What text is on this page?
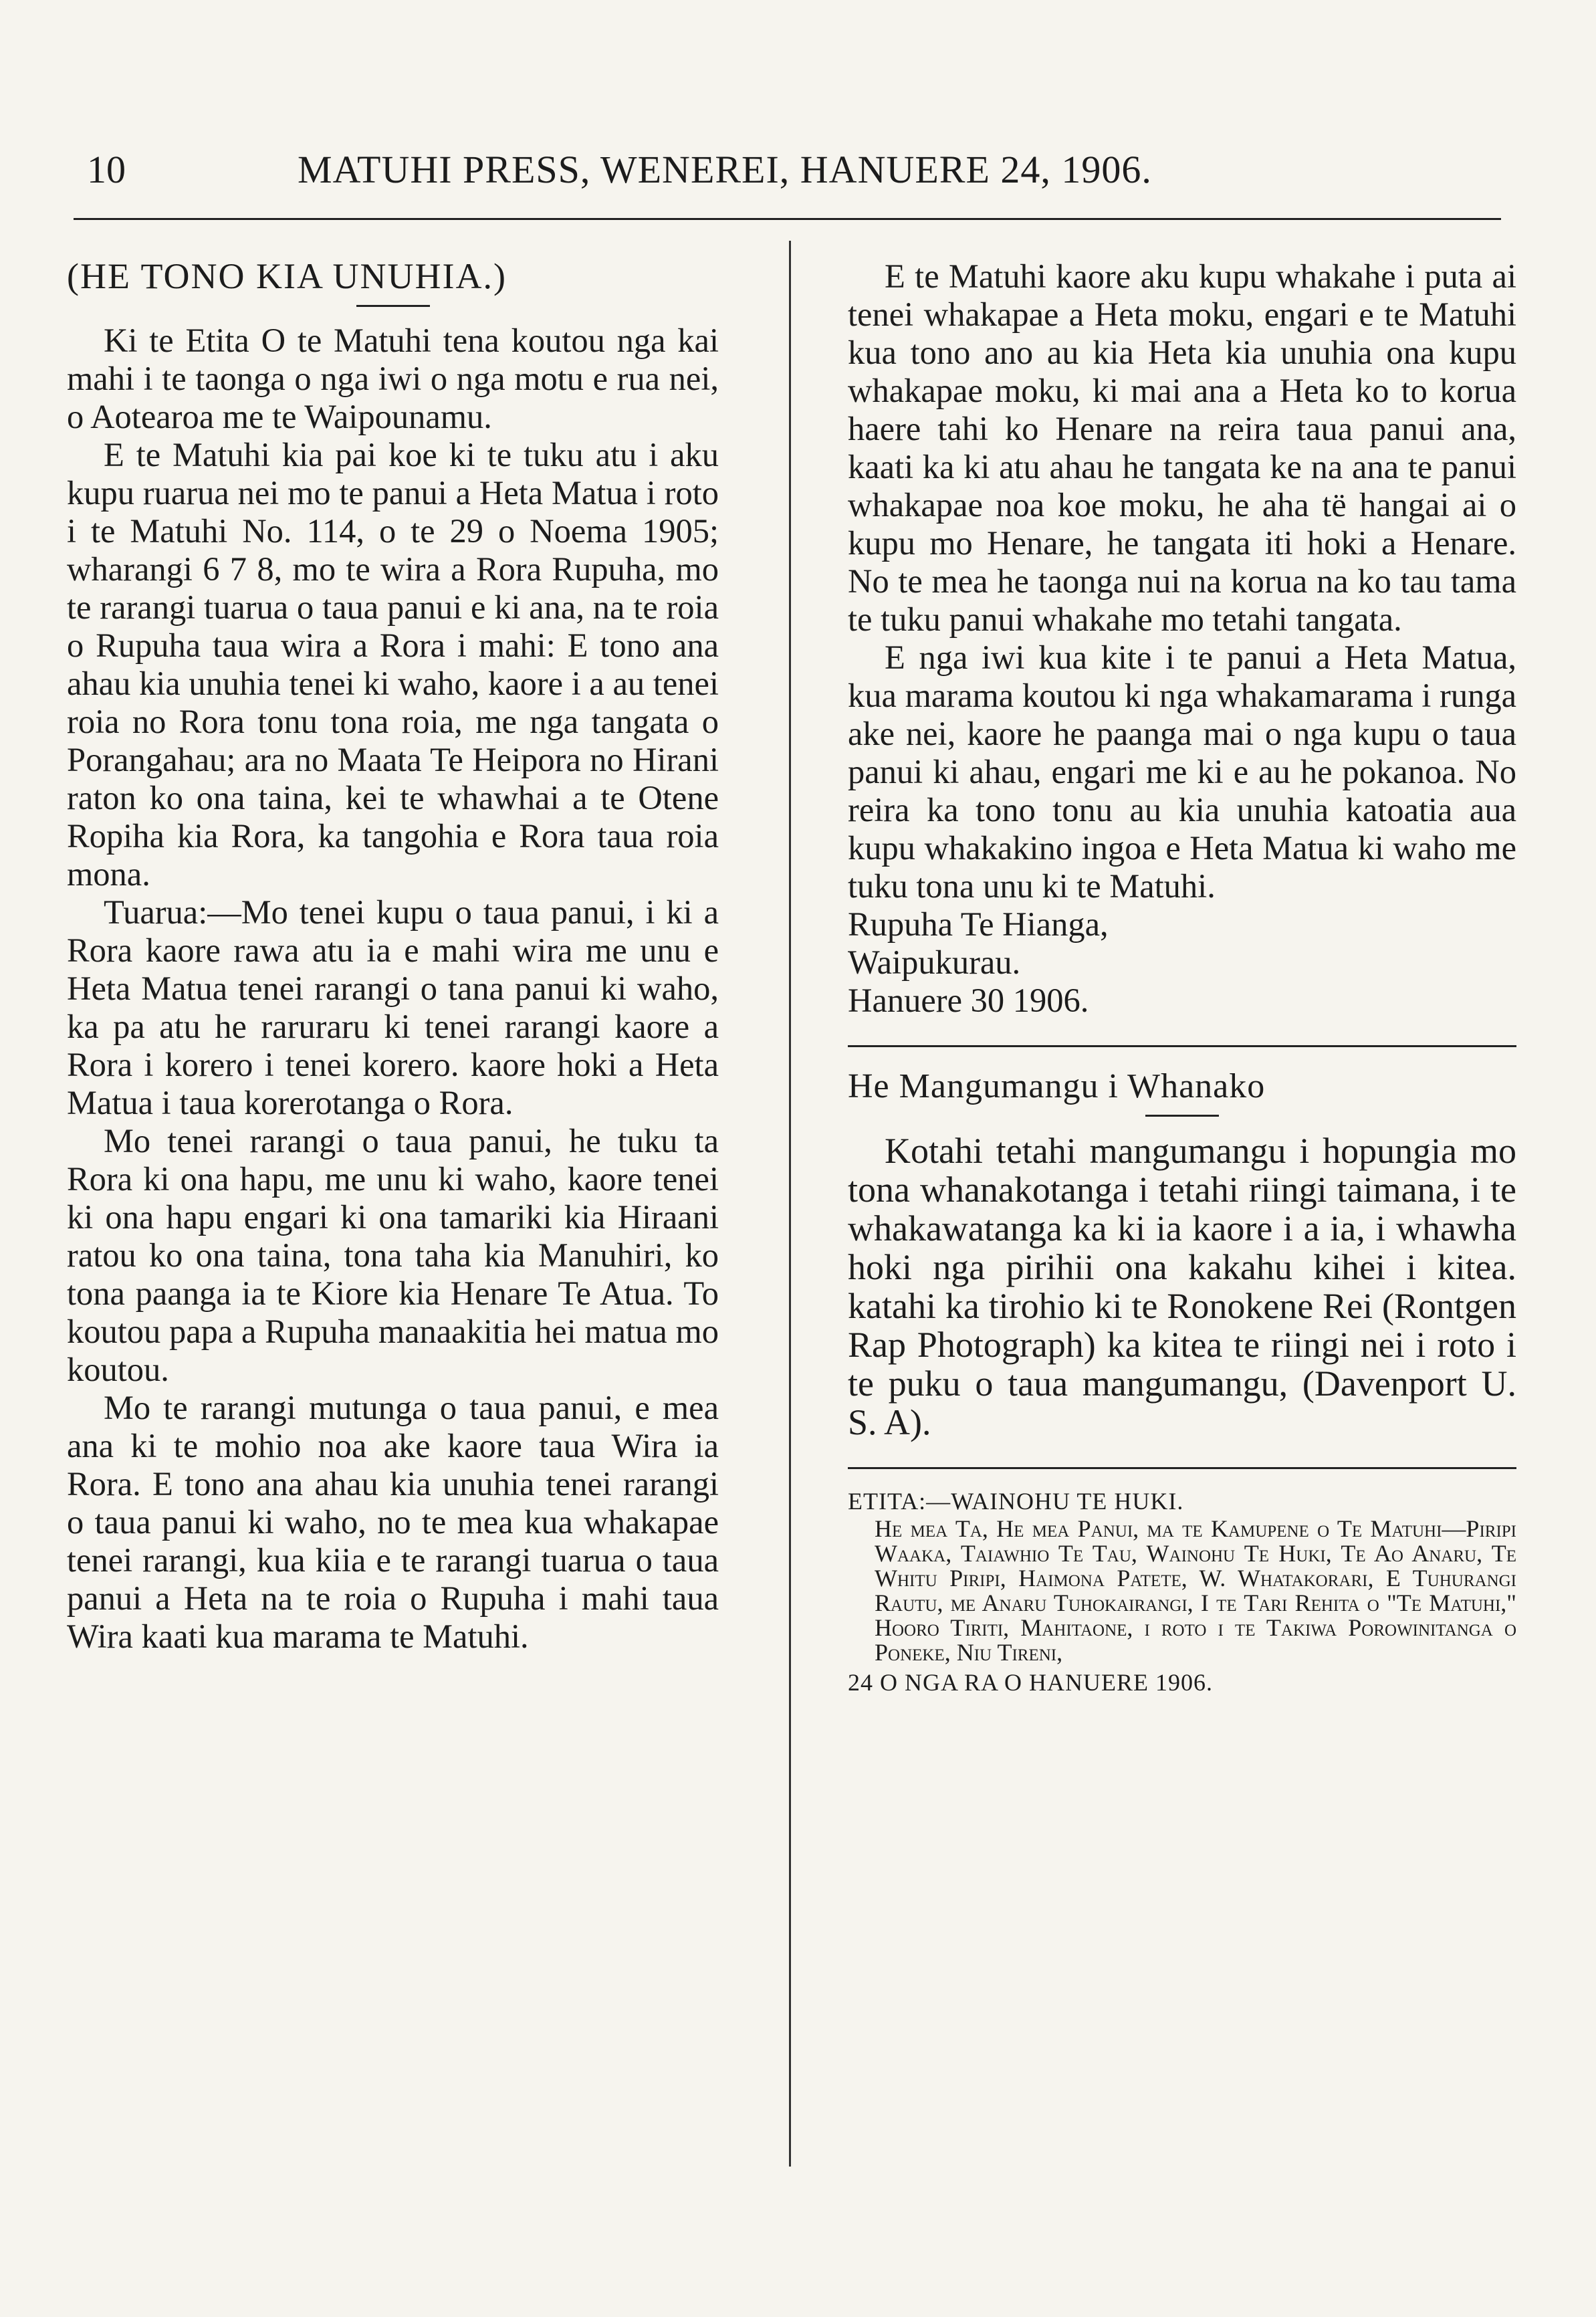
10	MATUHI PRESS, WENEREI, HANUERE 24, 1906.

(HE TONO KIA UNUHIA.)

Ki te Etita O te Matuhi tena koutou nga kai mahi i te taonga o nga iwi o nga motu e rua nei, o Aotearoa me te Waipounamu.

E te Matuhi kia pai koe ki te tuku atu i aku kupu ruarua nei mo te panui a Heta Matua i roto i te Matuhi No. 114, o te 29 o Noema 1905; wharangi 6 7 8, mo te wira a Rora Rupuha, mo te rarangi tuarua o taua panui e ki ana, na te roia o Rupuha taua wira a Rora i mahi: E tono ana ahau kia unuhia tenei ki waho, kaore i a au tenei roia no Rora tonu tona roia, me nga tangata o Porangahau; ara no Maata Te Heipora no Hirani raton ko ona taina, kei te whawhai a te Otene Ropiha kia Rora, ka tangohia e Rora taua roia mona.

Tuarua:—Mo tenei kupu o taua panui, i ki a Rora kaore rawa atu ia e mahi wira me unu e Heta Matua tenei rarangi o tana panui ki waho, ka pa atu he raruraru ki tenei rarangi kaore a Rora i korero i tenei korero. kaore hoki a Heta Matua i taua korerotanga o Rora.

Mo tenei rarangi o taua panui, he tuku ta Rora ki ona hapu, me unu ki waho, kaore tenei ki ona hapu engari ki ona tamariki kia Hiraani ratou ko ona taina, tona taha kia Manuhiri, ko tona paanga ia te Kiore kia Henare Te Atua. To koutou papa a Rupuha manaakitia hei matua mo koutou.

Mo te rarangi mutunga o taua panui, e mea ana ki te mohio noa ake kaore taua Wira ia Rora. E tono ana ahau kia unuhia tenei rarangi o taua panui ki waho, no te mea kua whakapae tenei rarangi, kua kiia e te rarangi tuarua o taua panui a Heta na te roia o Rupuha i mahi taua Wira kaati kua marama te Matuhi.

E te Matuhi kaore aku kupu whakahe i puta ai tenei whakapae a Heta moku, engari e te Matuhi kua tono ano au kia Heta kia unuhia ona kupu whakapae moku, ki mai ana a Heta ko to korua haere tahi ko Henare na reira taua panui ana, kaati ka ki atu ahau he tangata ke na ana te panui whakapae noa koe moku, he aha të hangai ai o kupu mo Henare, he tangata iti hoki a Henare. No te mea he taonga nui na korua na ko tau tama te tuku panui whakahe mo tetahi tangata.

E nga iwi kua kite i te panui a Heta Matua, kua marama koutou ki nga whakamarama i runga ake nei, kaore he paanga mai o nga kupu o taua panui ki ahau, engari me ki e au he pokanoa. No reira ka tono tonu au kia unuhia katoatia aua kupu whakakino ingoa e Heta Matua ki waho me tuku tona unu ki te Matuhi.

Rupuha Te Hianga,

Waipukurau.

Hanuere 30 1906.

He Mangumangu i Whanako

Kotahi tetahi mangumangu i hopungia mo tona whanakotanga i tetahi riingi taimana, i te whakawatanga ka ki ia kaore i a ia, i whawha hoki nga pirihii ona kakahu kihei i kitea. katahi ka tirohio ki te Ronokene Rei (Rontgen Rap Photograph) ka kitea te riingi nei i roto i te puku o taua mangumangu, (Davenport U. S. A).

ETITA:—WAINOHU TE HUKI.

He mea Ta, He mea Panui, ma te Kamupene o Te Matuhi—Piripi Waaka, Taiawhio Te Tau, Wainohu Te Huki, Te Ao Anaru, Te Whitu Piripi, Haimona Patete, W. Whatakorari, E Tuhurangi Rautu, me Anaru Tuhokairangi, I te Tari Rehita o "Te Matuhi," Hooro Tiriti, Mahitaone, i roto i te Takiwa Porowinitanga o Poneke, Niu Tireni,

24 O NGA RA O HANUERE 1906.
